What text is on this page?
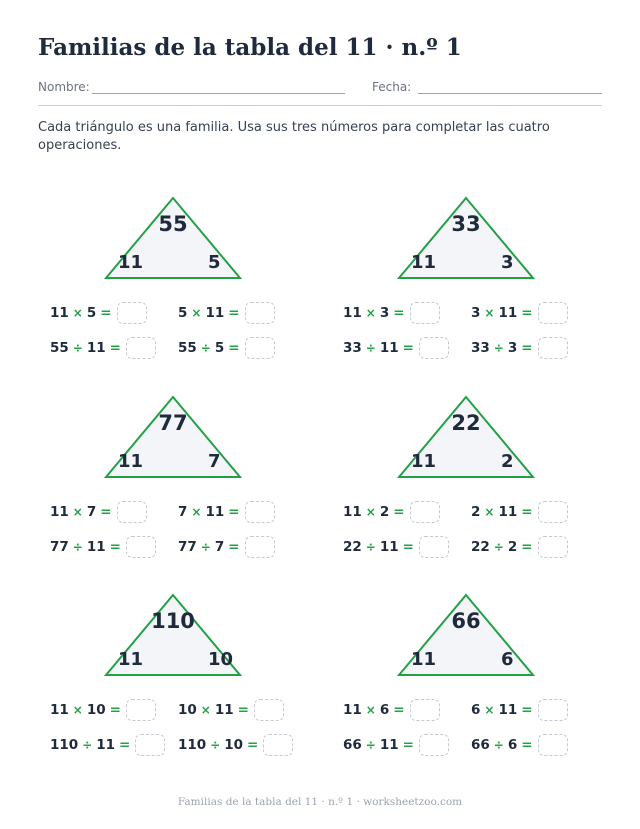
Familias de la tabla del 11 · n.º 1
Nombre:	Fecha:
Cada triángulo es una familia. Usa sus tres números para completar las cuatro operaciones.
55
11	5
11 × 5 =	5 × 11 =
55 ÷ 11 =	55 ÷ 5 =
33
11	3
11 × 3 =	3 × 11 =
33 ÷ 11 =	33 ÷ 3 =
77
11	7
11 × 7 =	7 × 11 =
77 ÷ 11 =	77 ÷ 7 =
22
11	2
11 × 2 =	2 × 11 =
22 ÷ 11 =	22 ÷ 2 =
110
11	10
11 × 10 =	10 × 11 =
110 ÷ 11 =	110 ÷ 10 =
66
11	6
11 × 6 =	6 × 11 =
66 ÷ 11 =	66 ÷ 6 =
Familias de la tabla del 11 · n.º 1 · worksheetzoo.com
